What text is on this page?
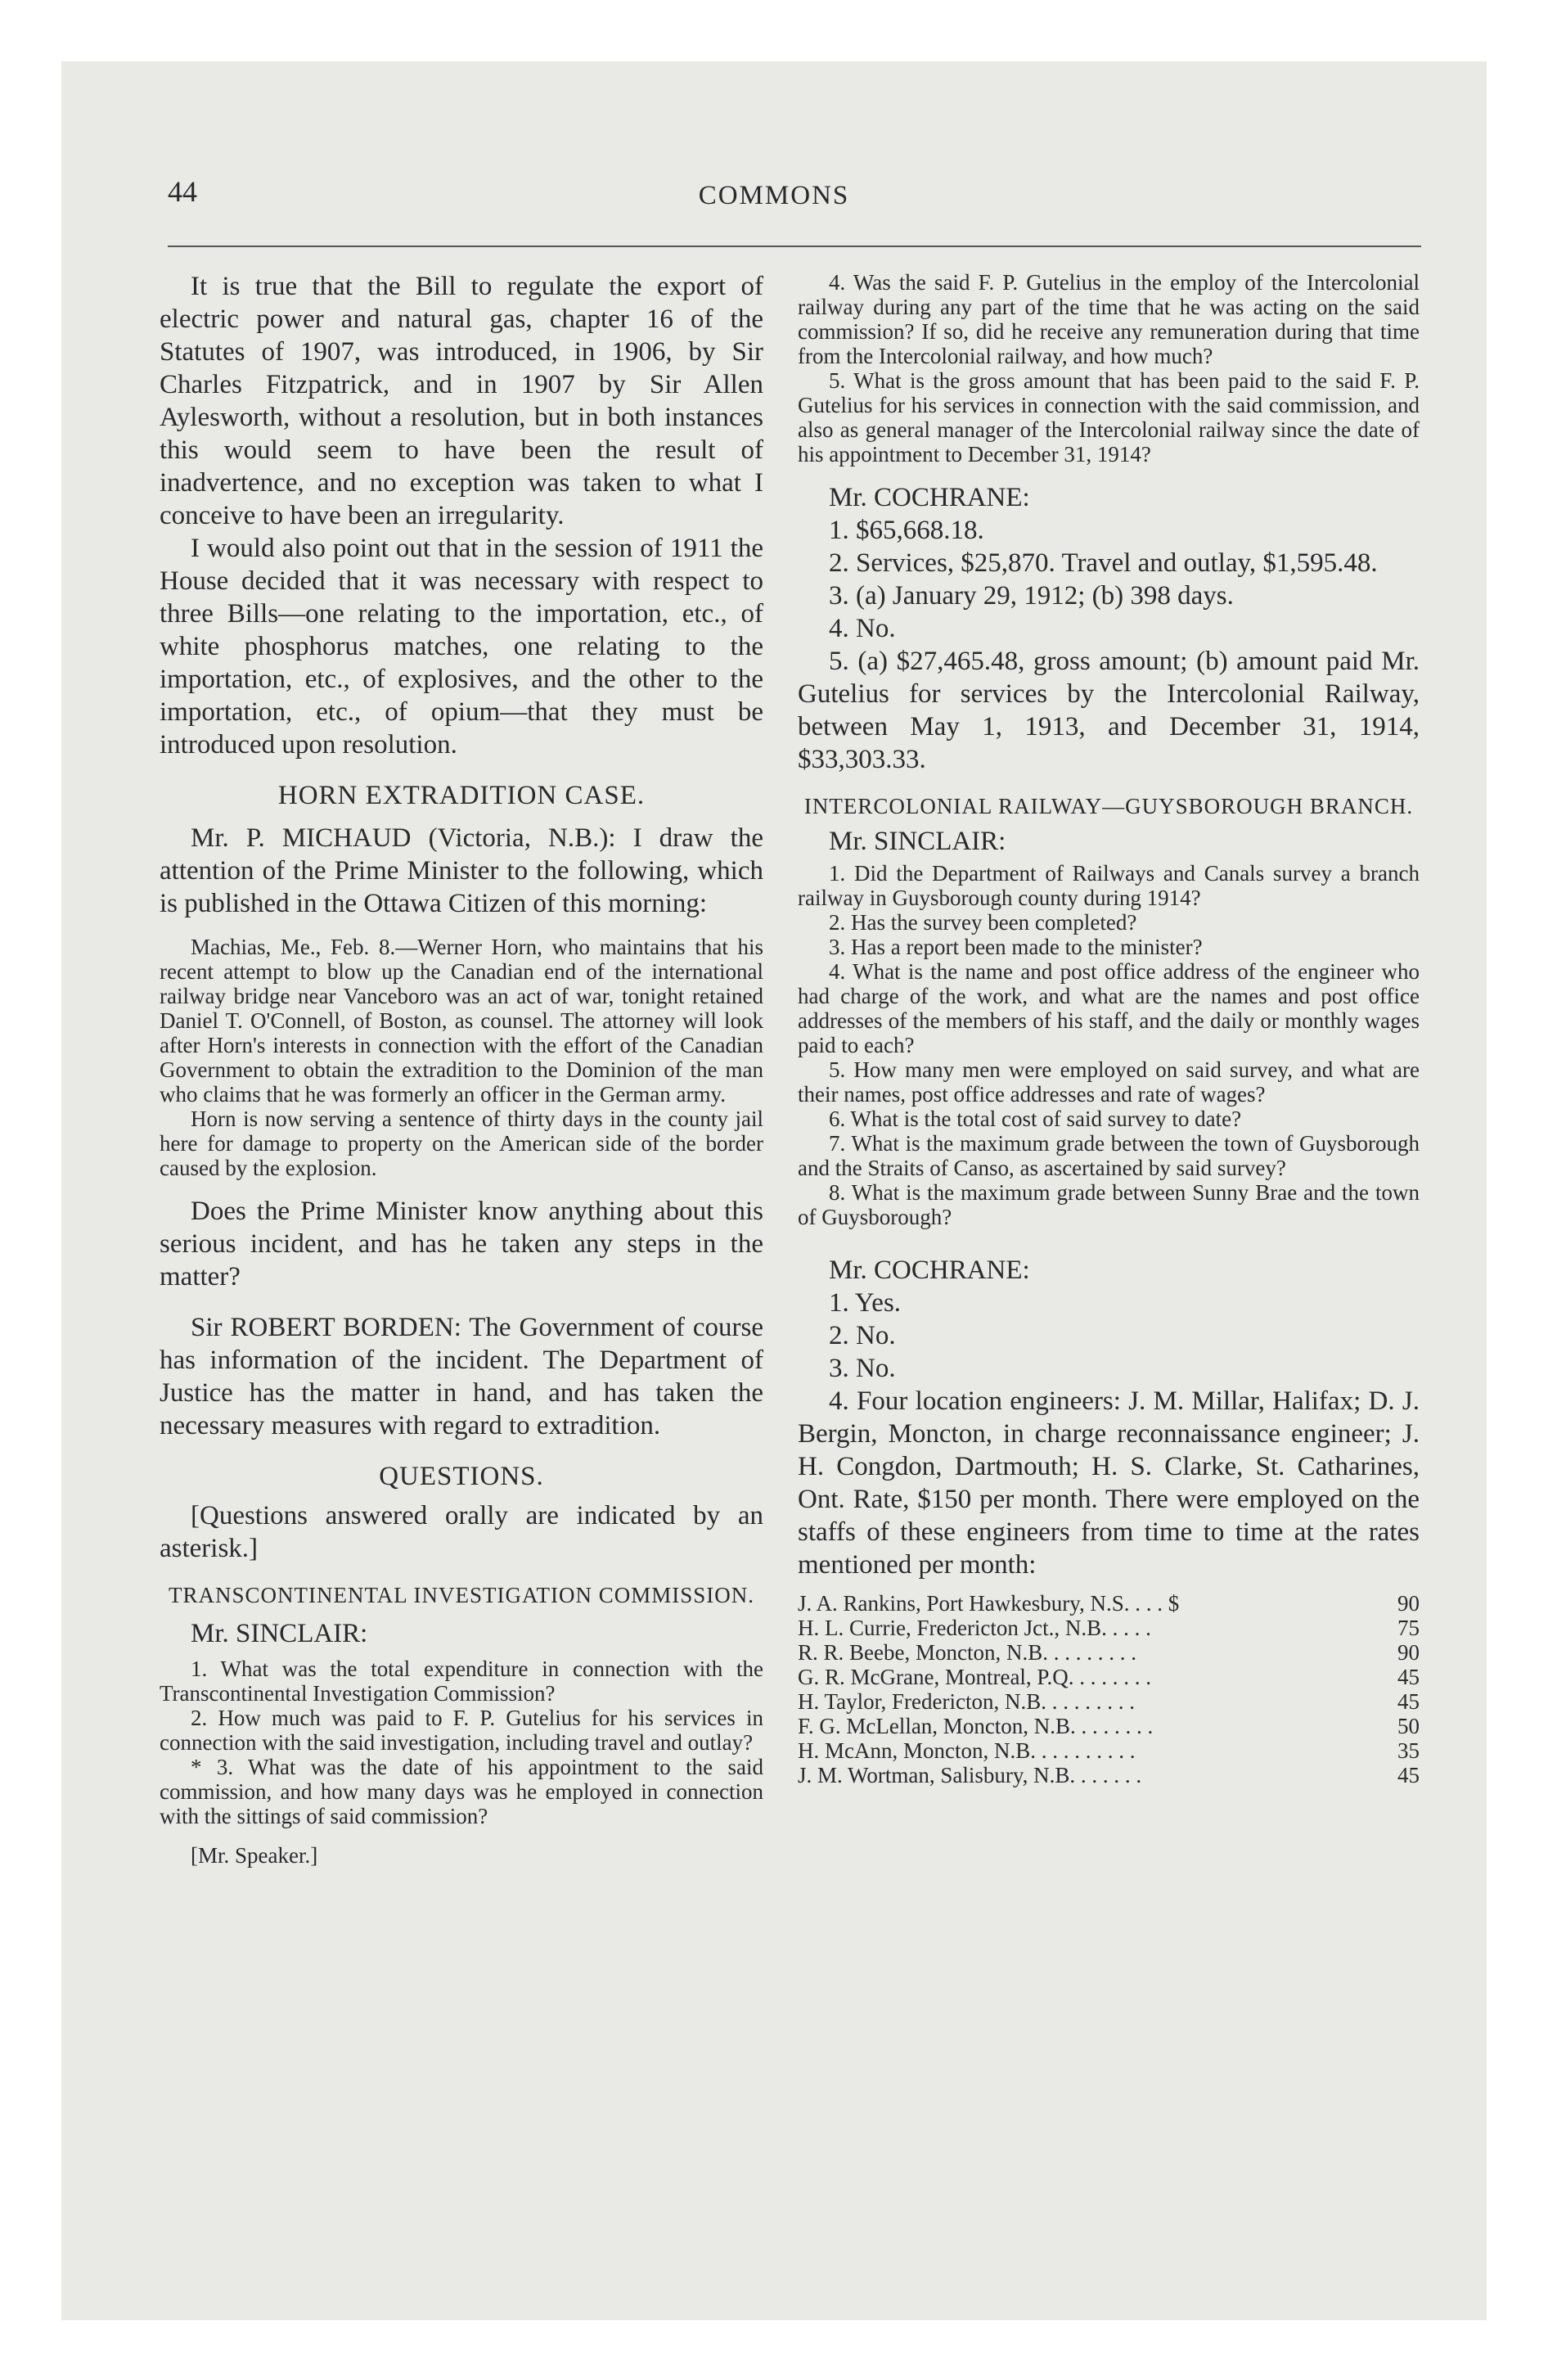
44	COMMONS

It is true that the Bill to regulate the export of electric power and natural gas, chapter 16 of the Statutes of 1907, was introduced, in 1906, by Sir Charles Fitzpatrick, and in 1907 by Sir Allen Aylesworth, without a resolution, but in both instances this would seem to have been the result of inadvertence, and no exception was taken to what I conceive to have been an irregularity.

I would also point out that in the session of 1911 the House decided that it was necessary with respect to three Bills—one relating to the importation, etc., of white phosphorus matches, one relating to the importation, etc., of explosives, and the other to the importation, etc., of opium—that they must be introduced upon resolution.

HORN EXTRADITION CASE.

Mr. P. MICHAUD (Victoria, N.B.): I draw the attention of the Prime Minister to the following, which is published in the Ottawa Citizen of this morning:

Machias, Me., Feb. 8.—Werner Horn, who maintains that his recent attempt to blow up the Canadian end of the international railway bridge near Vanceboro was an act of war, tonight retained Daniel T. O'Connell, of Boston, as counsel. The attorney will look after Horn's interests in connection with the effort of the Canadian Government to obtain the extradition to the Dominion of the man who claims that he was formerly an officer in the German army.

Horn is now serving a sentence of thirty days in the county jail here for damage to property on the American side of the border caused by the explosion.

Does the Prime Minister know anything about this serious incident, and has he taken any steps in the matter?

Sir ROBERT BORDEN: The Government of course has information of the incident. The Department of Justice has the matter in hand, and has taken the necessary measures with regard to extradition.

QUESTIONS.

[Questions answered orally are indicated by an asterisk.]

TRANSCONTINENTAL INVESTIGATION COMMISSION.

Mr. SINCLAIR:

1. What was the total expenditure in connection with the Transcontinental Investigation Commission?

2. How much was paid to F. P. Gutelius for his services in connection with the said investigation, including travel and outlay?

* 3. What was the date of his appointment to the said commission, and how many days was he employed in connection with the sittings of said commission?

[Mr. Speaker.]

4. Was the said F. P. Gutelius in the employ of the Intercolonial railway during any part of the time that he was acting on the said commission? If so, did he receive any remuneration during that time from the Intercolonial railway, and how much?

5. What is the gross amount that has been paid to the said F. P. Gutelius for his services in connection with the said commission, and also as general manager of the Intercolonial railway since the date of his appointment to December 31, 1914?

Mr. COCHRANE:

1. $65,668.18.

2. Services, $25,870. Travel and outlay, $1,595.48.

3. (a) January 29, 1912; (b) 398 days.

4. No.

5. (a) $27,465.48, gross amount; (b) amount paid Mr. Gutelius for services by the Intercolonial Railway, between May 1, 1913, and December 31, 1914, $33,303.33.

INTERCOLONIAL RAILWAY—GUYSBOROUGH BRANCH.

Mr. SINCLAIR:

1. Did the Department of Railways and Canals survey a branch railway in Guysborough county during 1914?

2. Has the survey been completed?

3. Has a report been made to the minister?

4. What is the name and post office address of the engineer who had charge of the work, and what are the names and post office addresses of the members of his staff, and the daily or monthly wages paid to each?

5. How many men were employed on said survey, and what are their names, post office addresses and rate of wages?

6. What is the total cost of said survey to date?

7. What is the maximum grade between the town of Guysborough and the Straits of Canso, as ascertained by said survey?

8. What is the maximum grade between Sunny Brae and the town of Guysborough?

Mr. COCHRANE:

1. Yes.

2. No.

3. No.

4. Four location engineers: J. M. Millar, Halifax; D. J. Bergin, Moncton, in charge reconnaissance engineer; J. H. Congdon, Dartmouth; H. S. Clarke, St. Catharines, Ont. Rate, $150 per month. There were employed on the staffs of these engineers from time to time at the rates mentioned per month:

J. A. Rankins, Port Hawkesbury, N.S. . . . $	90
H. L. Currie, Fredericton Jct., N.B. . . . .	75
R. R. Beebe, Moncton, N.B. . . . . . . . .	90
G. R. McGrane, Montreal, P.Q. . . . . . . .	45
H. Taylor, Fredericton, N.B. . . . . . . . .	45
F. G. McLellan, Moncton, N.B. . . . . . . .	50
H. McAnn, Moncton, N.B. . . . . . . . . .	35
J. M. Wortman, Salisbury, N.B. . . . . . .	45
